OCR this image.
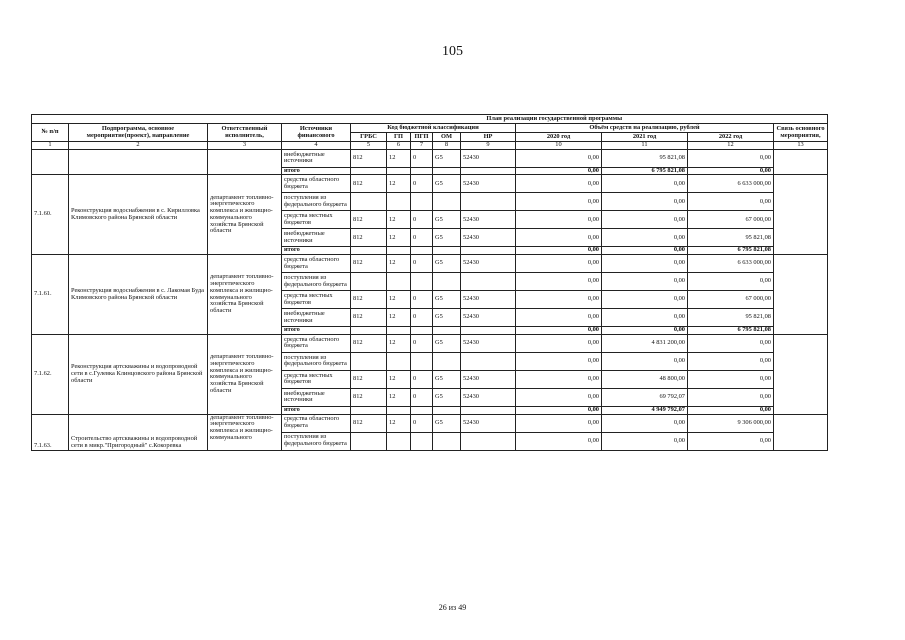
105
			План реализации государственной программы									
№ п/п	Подпрограмма, основное мероприятие(проект), направление	Ответственный исполнитель,	Источники финансового	Код бюджетной классификации					Объём средств на реализацию, рублей			Связь основного мероприятия,
				ГРБС	ГП	ПГП	ОМ	НР	2020 год	2021 год	2022 год	
1	2	3	4	5	6	7	8	9	10	11	12	13
			внебюджетные источники	812	12	0	G5	52430	0,00	95 821,08	0,00	
			итого						0,00	6 795 821,08	0,00	
7.1.60.	Реконструкция водоснабжения в с. Кирилловка Климовского района Брянской области	департамент топливно-энергетического комплекса и жилищно-коммунального хозяйства Брянской области	средства областного бюджета	812	12	0	G5	52430	0,00	0,00	6 633 000,00	
			поступления из федерального бюджета						0,00	0,00	0,00	
			средства местных бюджетов	812	12	0	G5	52430	0,00	0,00	67 000,00	
			внебюджетные источники	812	12	0	G5	52430	0,00	0,00	95 821,08	
			итого						0,00	0,00	6 795 821,08	
7.1.61.	Реконструкция водоснабжения в с. Лакомая Буда Климовского района Брянской области	департамент топливно-энергетического комплекса и жилищно-коммунального хозяйства Брянской области	средства областного бюджета	812	12	0	G5	52430	0,00	0,00	6 633 000,00	
			поступления из федерального бюджета						0,00	0,00	0,00	
			средства местных бюджетов	812	12	0	G5	52430	0,00	0,00	67 000,00	
			внебюджетные источники	812	12	0	G5	52430	0,00	0,00	95 821,08	
			итого						0,00	0,00	6 795 821,08	
7.1.62.	Реконструкция артскважины и водопроводной сети в с.Гулевка Клинцовского района Брянской области	департамент топливно-энергетического комплекса и жилищно-коммунального хозяйства Брянской области	средства областного бюджета	812	12	0	G5	52430	0,00	4 831 200,00	0,00	
			поступления из федерального бюджета						0,00	0,00	0,00	
			средства местных бюджетов	812	12	0	G5	52430	0,00	48 800,00	0,00	
			внебюджетные источники	812	12	0	G5	52430	0,00	69 792,07	0,00	
			итого						0,00	4 949 792,07	0,00	
7.1.63.	Строительство артскважины и водопроводной сети в микр."Пригородный" с.Кокоревка	департамент топливно-энергетического комплекса и жилищно-коммунального	средства областного бюджета	812	12	0	G5	52430	0,00	0,00	9 306 000,00	
			поступления из федерального бюджета						0,00	0,00	0,00	
26 из 49
